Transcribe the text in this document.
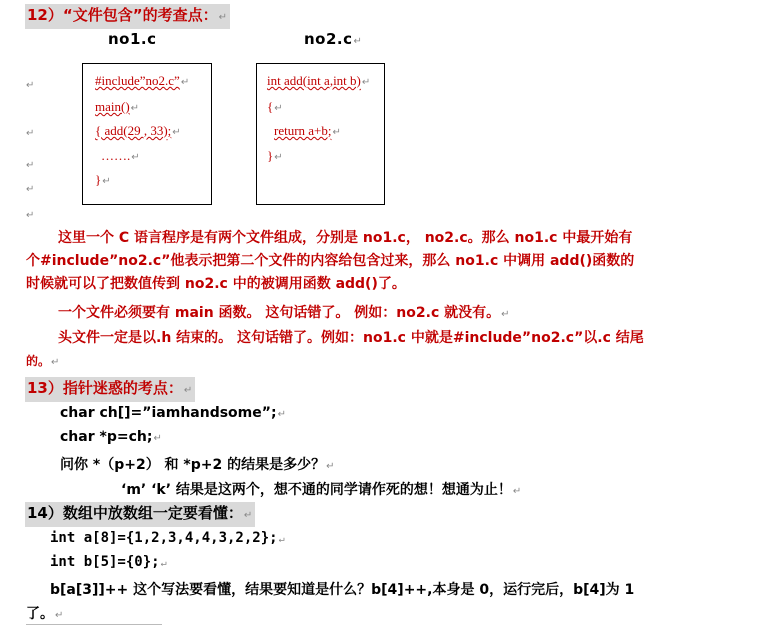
12）“文件包含”的考查点：↵
no1.c	no2.c↵
↵
↵
↵
↵
↵
#include”no2.c”↵
main()↵
{ add(29 , 33);↵
…….↵
}↵
int add(int a,int b)↵
{↵
return a+b;↵
}↵
这里一个 C 语言程序是有两个文件组成，分别是 no1.c， no2.c。那么 no1.c 中最开始有
个#include”no2.c”他表示把第二个文件的内容给包含过来，那么 no1.c 中调用 add()函数的
时候就可以了把数值传到 no2.c 中的被调用函数 add()了。
一个文件必须要有 main 函数。 这句话错了。 例如：no2.c 就没有。↵
头文件一定是以.h 结束的。 这句话错了。例如：no1.c 中就是#include”no2.c”以.c 结尾
的。↵
13）指针迷惑的考点：↵
char ch[]=”iamhandsome”;↵
char *p=ch;↵
问你 *（p+2） 和 *p+2 的结果是多少？↵
‘m’ ‘k’ 结果是这两个，想不通的同学请作死的想！想通为止！↵
14）数组中放数组一定要看懂：↵
int a[8]={1,2,3,4,4,3,2,2};↵
int b[5]={0};↵
b[a[3]]++ 这个写法要看懂，结果要知道是什么？b[4]++,本身是 0，运行完后，b[4]为 1
了。↵
